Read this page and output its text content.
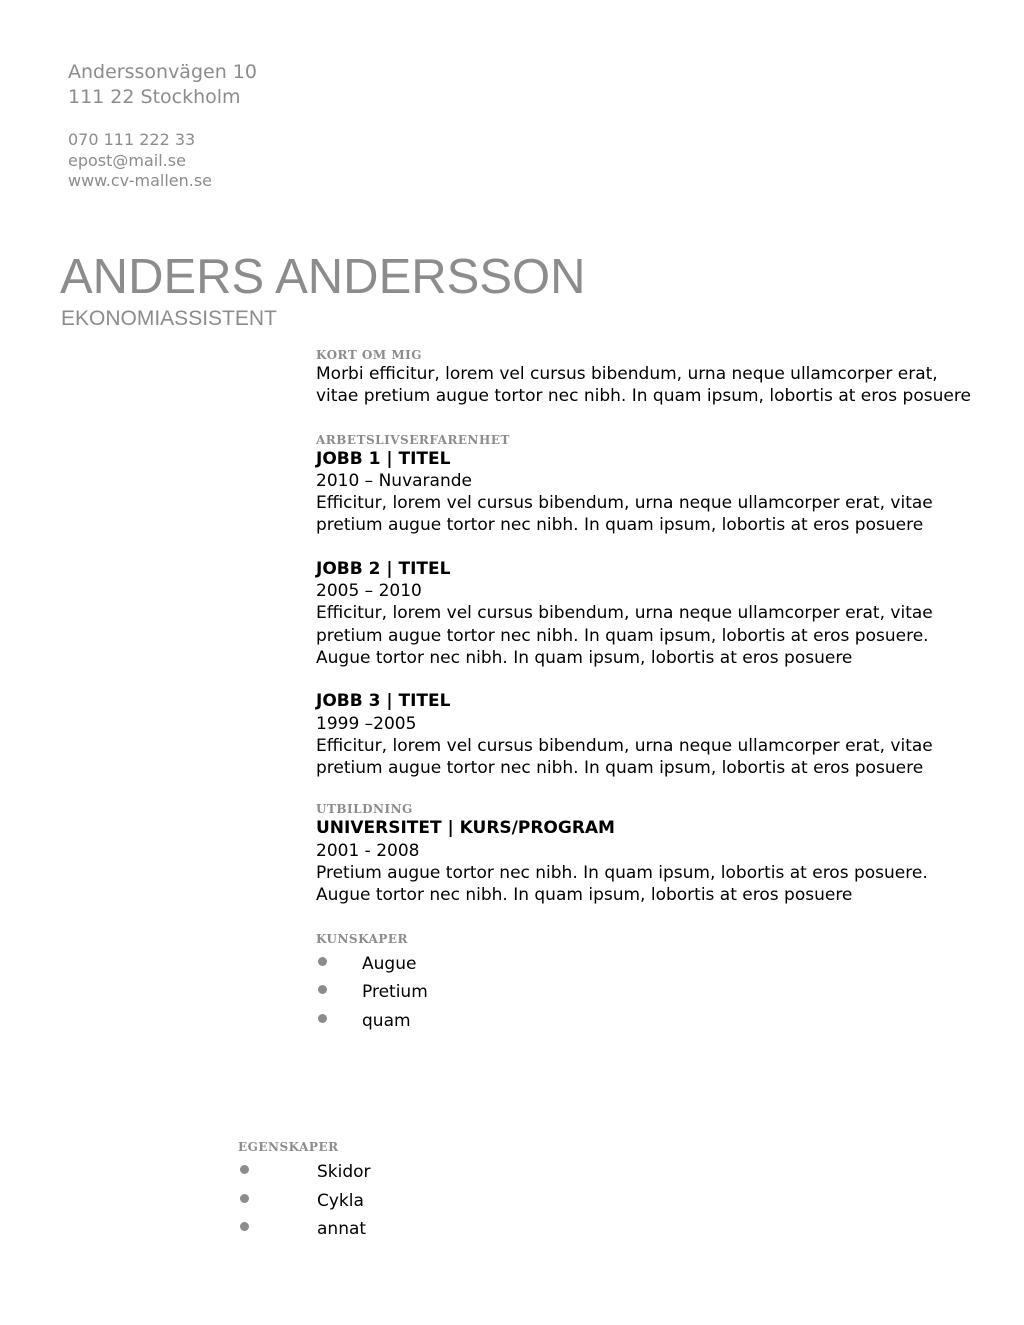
Anderssonvägen 10
111 22 Stockholm
070 111 222 33
epost@mail.se
www.cv-mallen.se
ANDERS ANDERSSON
EKONOMIASSISTENT
KORT OM MIG

Morbi efficitur, lorem vel cursus bibendum, urna neque ullamcorper erat, vitae pretium augue tortor nec nibh. In quam ipsum, lobortis at eros posuere

ARBETSLIVSERFARENHET
JOBB 1 | TITEL
2010 – Nuvarande

Efficitur, lorem vel cursus bibendum, urna neque ullamcorper erat, vitae pretium augue tortor nec nibh. In quam ipsum, lobortis at eros posuere

JOBB 2 | TITEL
2005 – 2010

Efficitur, lorem vel cursus bibendum, urna neque ullamcorper erat, vitae pretium augue tortor nec nibh. In quam ipsum, lobortis at eros posuere. Augue tortor nec nibh. In quam ipsum, lobortis at eros posuere

JOBB 3 | TITEL
1999 –2005

Efficitur, lorem vel cursus bibendum, urna neque ullamcorper erat, vitae pretium augue tortor nec nibh. In quam ipsum, lobortis at eros posuere

UTBILDNING
UNIVERSITET | KURS/PROGRAM
2001 - 2008

Pretium augue tortor nec nibh. In quam ipsum, lobortis at eros posuere. Augue tortor nec nibh. In quam ipsum, lobortis at eros posuere

KUNSKAPER
Augue
Pretium
quam
EGENSKAPER
Skidor
Cykla
annat
